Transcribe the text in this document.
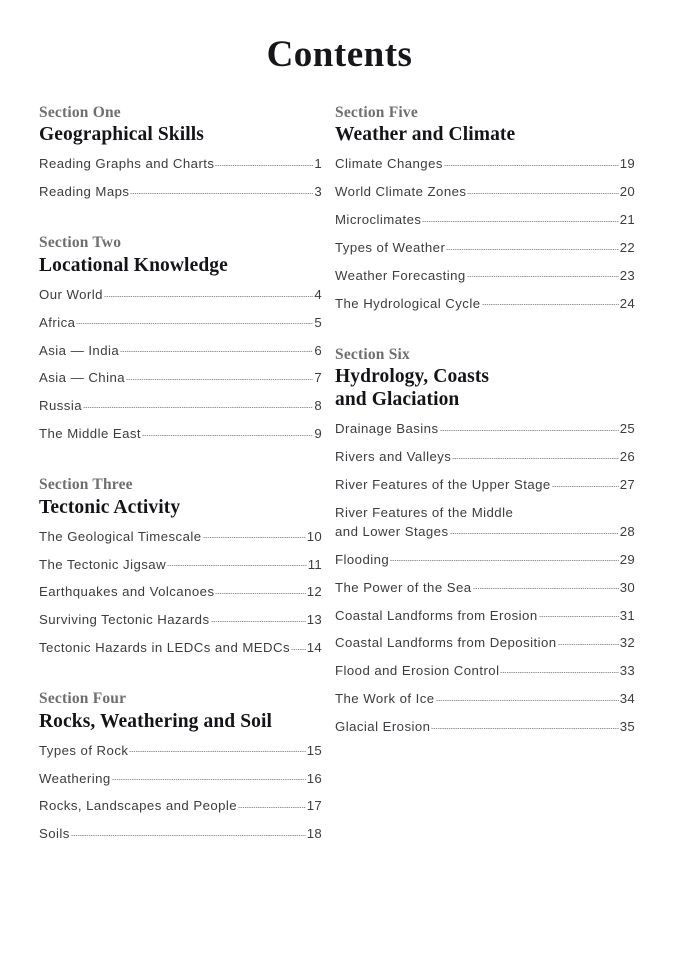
Contents
Section One
Geographical Skills
Reading Graphs and Charts	1
Reading Maps	3
Section Two
Locational Knowledge
Our World	4
Africa	5
Asia — India	6
Asia — China	7
Russia	8
The Middle East	9
Section Three
Tectonic Activity
The Geological Timescale	10
The Tectonic Jigsaw	11
Earthquakes and Volcanoes	12
Surviving Tectonic Hazards	13
Tectonic Hazards in LEDCs and MEDCs 14
Section Four
Rocks, Weathering and Soil
Types of Rock	15
Weathering	16
Rocks, Landscapes and People	17
Soils	18
Section Five
Weather and Climate
Climate Changes	19
World Climate Zones	20
Microclimates	21
Types of Weather	22
Weather Forecasting	23
The Hydrological Cycle	24
Section Six
Hydrology, Coasts
and Glaciation
Drainage Basins	25
Rivers and Valleys	26
River Features of the Upper Stage	27
River Features of the Middle
and Lower Stages	28
Flooding	29
The Power of the Sea	30
Coastal Landforms from Erosion	31
Coastal Landforms from Deposition	32
Flood and Erosion Control	33
The Work of Ice	34
Glacial Erosion	35
